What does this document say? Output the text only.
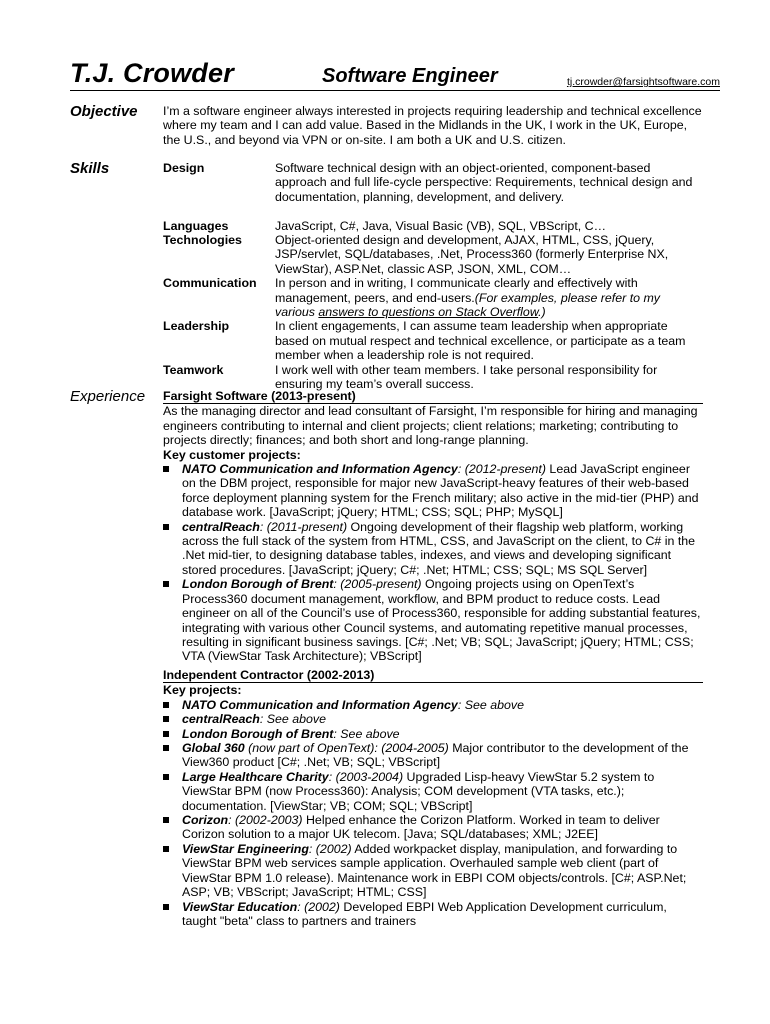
T.J. Crowder	Software Engineer	tj.crowder@farsightsoftware.com
Objective I’m a software engineer always interested in projects requiring leadership and technical excellence where my team and I can add value. Based in the Midlands in the UK, I work in the UK, Europe, the U.S., and beyond via VPN or on-site. I am both a UK and U.S. citizen.
Skills	Design	Software technical design with an object-oriented, component-based approach and full life-cycle perspective: Requirements, technical design and documentation, planning, development, and delivery.
Languages	JavaScript, C#, Java, Visual Basic (VB), SQL, VBScript, C…
Technologies	Object-oriented design and development, AJAX, HTML, CSS, jQuery, JSP/servlet, SQL/databases, .Net, Process360 (formerly Enterprise NX, ViewStar), ASP.Net, classic ASP, JSON, XML, COM…
Communication	In person and in writing, I communicate clearly and effectively with management, peers, and end-users.(For examples, please refer to my various answers to questions on Stack Overflow.)
Leadership	In client engagements, I can assume team leadership when appropriate based on mutual respect and technical excellence, or participate as a team member when a leadership role is not required.
Teamwork	I work well with other team members. I take personal responsibility for ensuring my team’s overall success.
Experience Farsight Software (2013-present)
As the managing director and lead consultant of Farsight, I’m responsible for hiring and managing engineers contributing to internal and client projects; client relations; marketing; contributing to projects directly; finances; and both short and long-range planning.
Key customer projects:
NATO Communication and Information Agency: (2012-present) Lead JavaScript engineer on the DBM project, responsible for major new JavaScript-heavy features of their web-based force deployment planning system for the French military; also active in the mid-tier (PHP) and database work. [JavaScript; jQuery; HTML; CSS; SQL; PHP; MySQL]
centralReach: (2011-present) Ongoing development of their flagship web platform, working across the full stack of the system from HTML, CSS, and JavaScript on the client, to C# in the .Net mid-tier, to designing database tables, indexes, and views and developing significant stored procedures. [JavaScript; jQuery; C#; .Net; HTML; CSS; SQL; MS SQL Server]
London Borough of Brent: (2005-present) Ongoing projects using on OpenText’s Process360 document management, workflow, and BPM product to reduce costs. Lead engineer on all of the Council’s use of Process360, responsible for adding substantial features, integrating with various other Council systems, and automating repetitive manual processes, resulting in significant business savings. [C#; .Net; VB; SQL; JavaScript; jQuery; HTML; CSS; VTA (ViewStar Task Architecture); VBScript]
Independent Contractor (2002-2013)
Key projects:
NATO Communication and Information Agency: See above
centralReach: See above
London Borough of Brent: See above
Global 360 (now part of OpenText): (2004-2005) Major contributor to the development of the View360 product [C#; .Net; VB; SQL; VBScript]
Large Healthcare Charity: (2003-2004) Upgraded Lisp-heavy ViewStar 5.2 system to ViewStar BPM (now Process360): Analysis; COM development (VTA tasks, etc.); documentation. [ViewStar; VB; COM; SQL; VBScript]
Corizon: (2002-2003) Helped enhance the Corizon Platform. Worked in team to deliver Corizon solution to a major UK telecom. [Java; SQL/databases; XML; J2EE]
ViewStar Engineering: (2002) Added workpacket display, manipulation, and forwarding to ViewStar BPM web services sample application. Overhauled sample web client (part of ViewStar BPM 1.0 release). Maintenance work in EBPI COM objects/controls. [C#; ASP.Net; ASP; VB; VBScript; JavaScript; HTML; CSS]
ViewStar Education: (2002) Developed EBPI Web Application Development curriculum, taught "beta" class to partners and trainers
